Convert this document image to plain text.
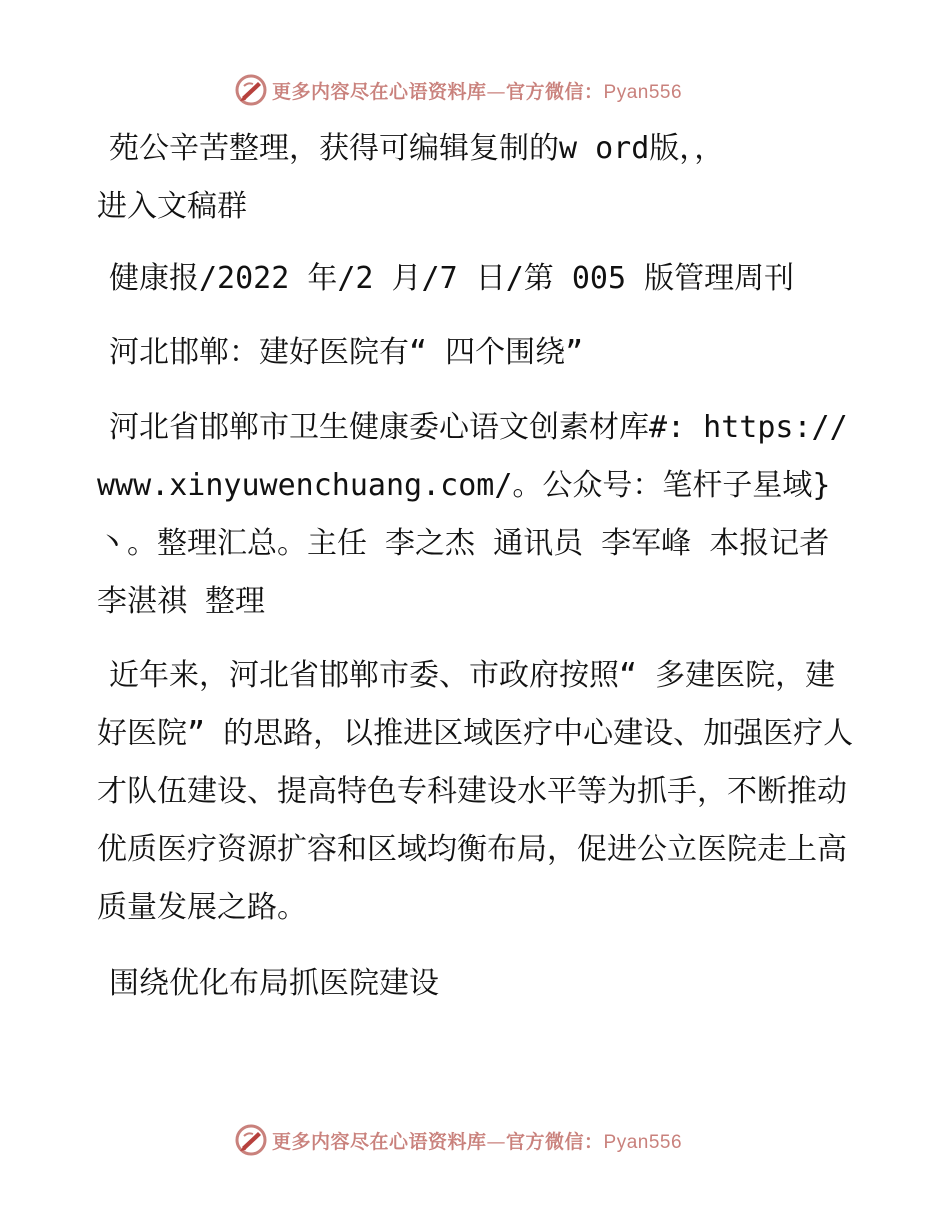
更多内容尽在心语资料库—官方微信：Pyan556
苑公辛苦整理，获得可编辑复制的w ord版，，
进入文稿群
健康报/2022 年/2 月/7 日/第 005 版管理周刊
河北邯郸：建好医院有“ 四个围绕”
河北省邯郸市卫生健康委心语文创素材库#: https://www.xinyuwenchuang.com/。公众号：笔杆子星域}丶。整理汇总。主任 李之杰 通讯员 李军峰 本报记者 李湛祺 整理
近年来，河北省邯郸市委、市政府按照“ 多建医院，建好医院” 的思路，以推进区域医疗中心建设、加强医疗人才队伍建设、提高特色专科建设水平等为抓手，不断推动优质医疗资源扩容和区域均衡布局，促进公立医院走上高质量发展之路。
围绕优化布局抓医院建设
更多内容尽在心语资料库—官方微信：Pyan556
